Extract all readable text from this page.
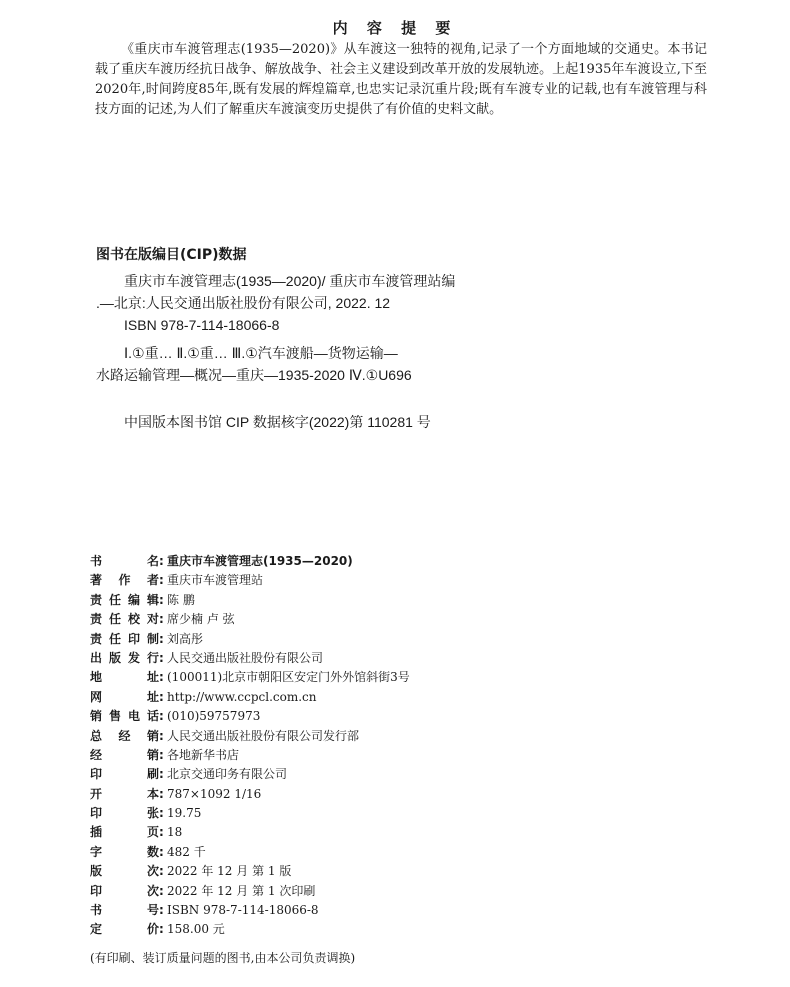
内 容 提 要

《重庆市车渡管理志(1935—2020)》从车渡这一独特的视角,记录了一个方面地域的交通史。本书记载了重庆车渡历经抗日战争、解放战争、社会主义建设到改革开放的发展轨迹。上起1935年车渡设立,下至2020年,时间跨度85年,既有发展的辉煌篇章,也忠实记录沉重片段;既有车渡专业的记载,也有车渡管理与科技方面的记述,为人们了解重庆车渡演变历史提供了有价值的史料文献。

图书在版编目(CIP)数据
重庆市车渡管理志(1935—2020)/ 重庆市车渡管理站编
.—北京:人民交通出版社股份有限公司, 2022. 12
ISBN 978-7-114-18066-8
Ⅰ.①重… Ⅱ.①重… Ⅲ.①汽车渡船—货物运输—
水路运输管理—概况—重庆—1935-2020 Ⅳ.①U696
中国版本图书馆 CIP 数据核字(2022)第 110281 号
书名 : 重庆市车渡管理志(1935—2020)
著作者 : 重庆市车渡管理站
责任编辑 : 陈 鹏
责任校对 : 席少楠 卢 弦
责任印制 : 刘高彤
出版发行 : 人民交通出版社股份有限公司
地址 : (100011)北京市朝阳区安定门外外馆斜街3号
网址 : http://www.ccpcl.com.cn
销售电话 : (010)59757973
总经销 : 人民交通出版社股份有限公司发行部
经销 : 各地新华书店
印刷 : 北京交通印务有限公司
开本 : 787×1092 1/16
印张 : 19.75
插页 : 18
字数 : 482 千
版次 : 2022 年 12 月 第 1 版
印次 : 2022 年 12 月 第 1 次印刷
书号 : ISBN 978-7-114-18066-8
定价 : 158.00 元
(有印刷、装订质量问题的图书,由本公司负责调换)
